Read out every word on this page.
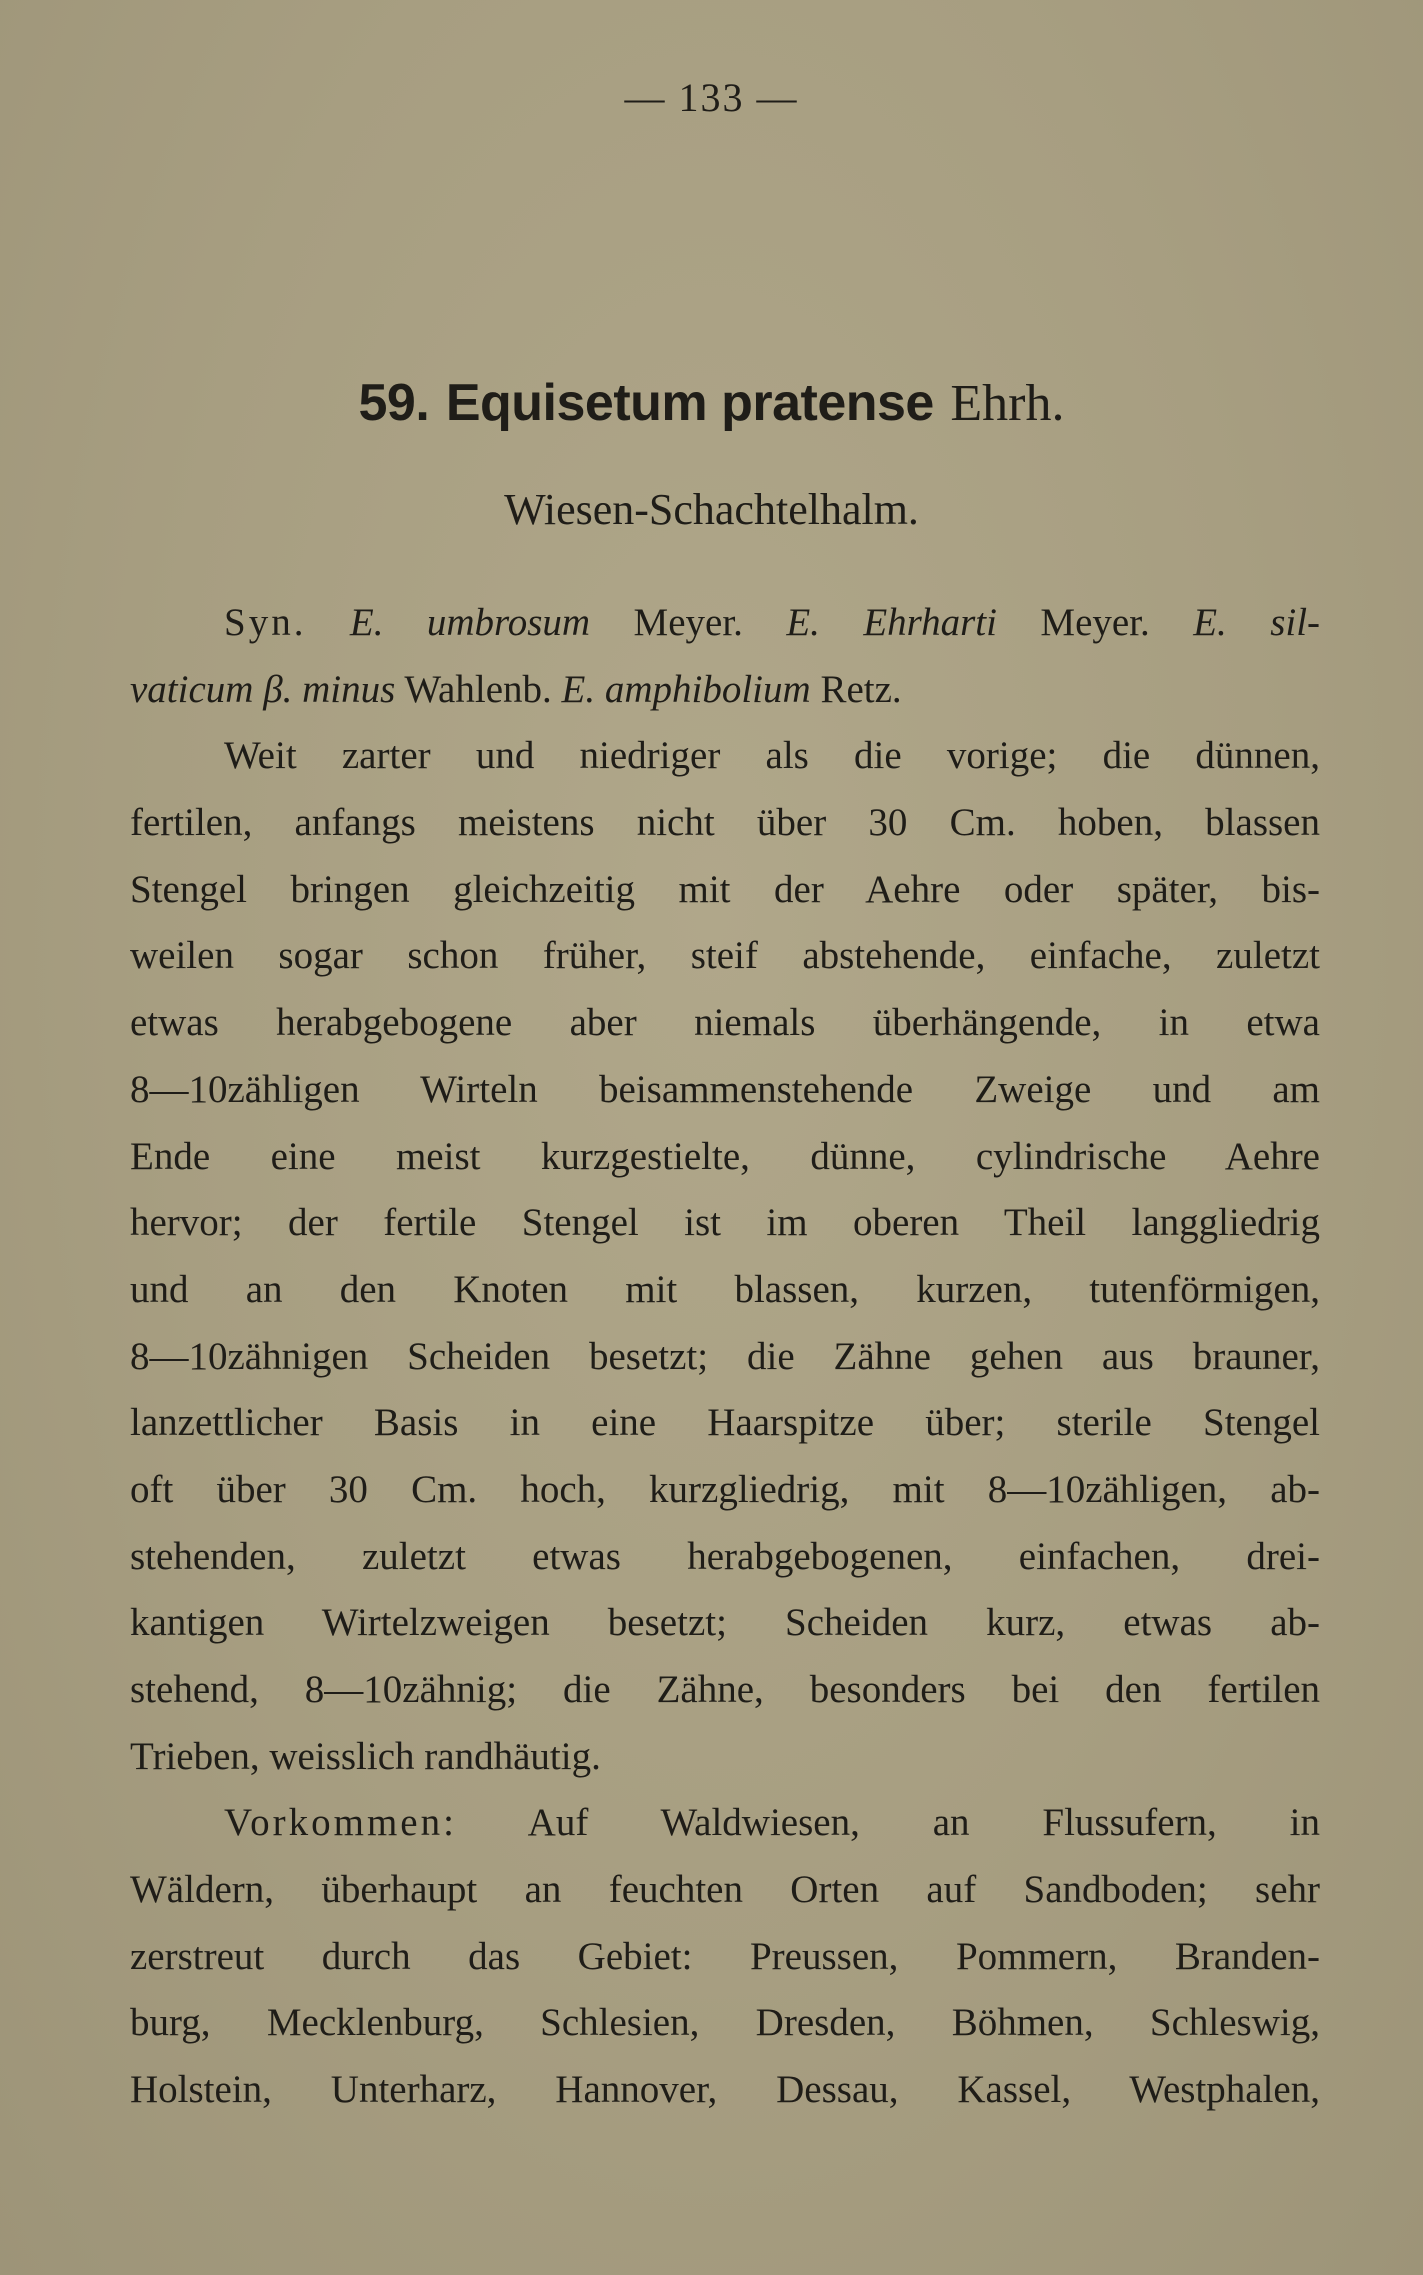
— 133 —
59. Equisetum pratense Ehrh.
Wiesen-Schachtelhalm.
Syn. E. umbrosum Meyer. E. Ehrharti Meyer. E. sil-
vaticum β. minus Wahlenb. E. amphibolium Retz.
Weit zarter und niedriger als die vorige; die dünnen,
fertilen, anfangs meistens nicht über 30 Cm. hoben, blassen
Stengel bringen gleichzeitig mit der Aehre oder später, bis-
weilen sogar schon früher, steif abstehende, einfache, zuletzt
etwas herabgebogene aber niemals überhängende, in etwa
8—10zähligen Wirteln beisammenstehende Zweige und am
Ende eine meist kurzgestielte, dünne, cylindrische Aehre
hervor; der fertile Stengel ist im oberen Theil langgliedrig
und an den Knoten mit blassen, kurzen, tutenförmigen,
8—10zähnigen Scheiden besetzt; die Zähne gehen aus brauner,
lanzettlicher Basis in eine Haarspitze über; sterile Stengel
oft über 30 Cm. hoch, kurzgliedrig, mit 8—10zähligen, ab-
stehenden, zuletzt etwas herabgebogenen, einfachen, drei-
kantigen Wirtelzweigen besetzt; Scheiden kurz, etwas ab-
stehend, 8—10zähnig; die Zähne, besonders bei den fertilen
Trieben, weisslich randhäutig.
Vorkommen: Auf Waldwiesen, an Flussufern, in
Wäldern, überhaupt an feuchten Orten auf Sandboden; sehr
zerstreut durch das Gebiet: Preussen, Pommern, Branden-
burg, Mecklenburg, Schlesien, Dresden, Böhmen, Schleswig,
Holstein, Unterharz, Hannover, Dessau, Kassel, Westphalen,
